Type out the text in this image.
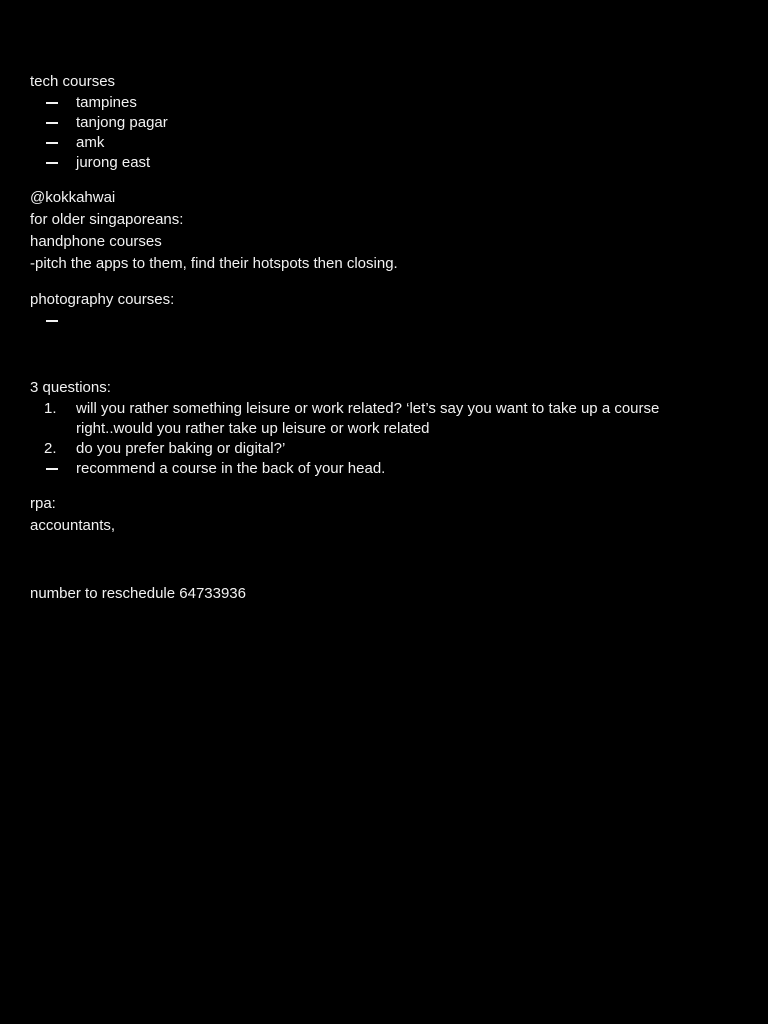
tech courses
tampines
tanjong pagar
amk
jurong east
@kokkahwai
for older singaporeans:
handphone courses
-pitch the apps to them, find their hotspots then closing.
photography courses:
3 questions:
1.	will you rather something leisure or work related? ‘let’s say you want to take up a course right..would you rather take up leisure or work related
2.	do you prefer baking or digital?’
recommend a course in the back of your head.
rpa:
accountants,
number to reschedule 64733936
